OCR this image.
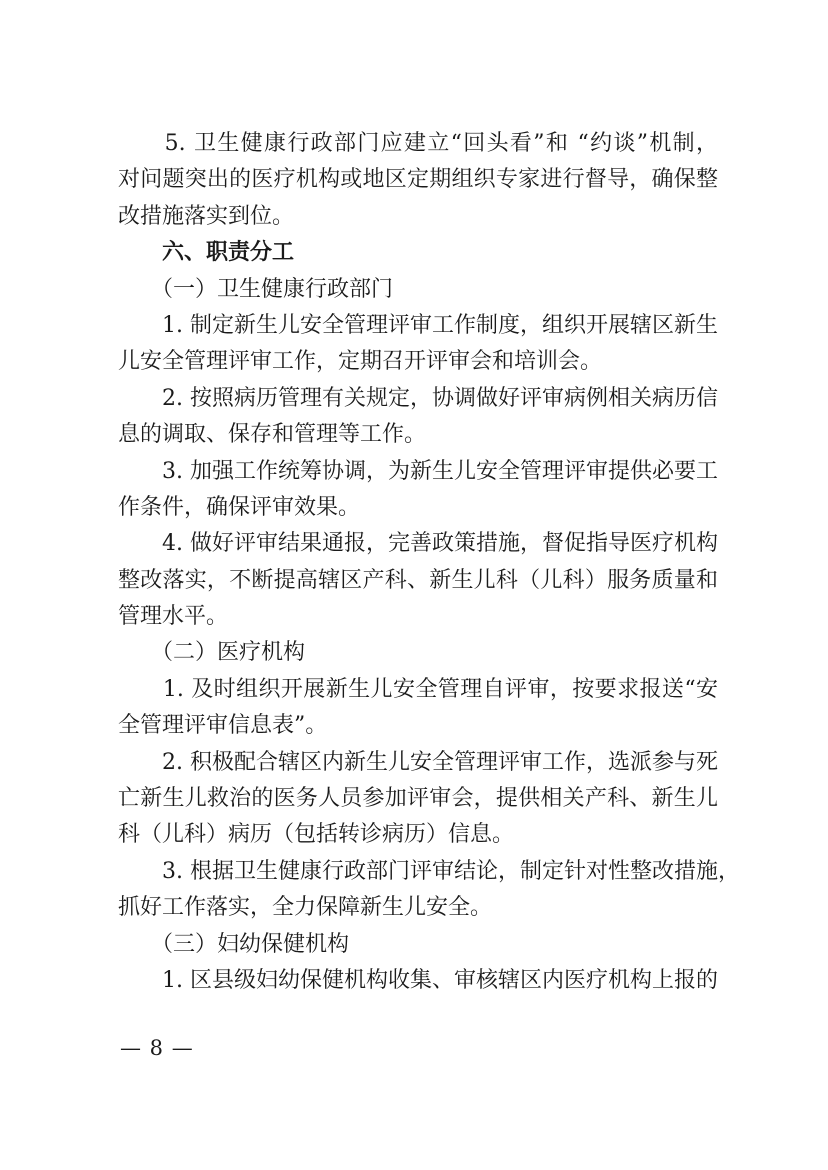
　　5. 卫生健康行政部门应建立“回头看”和 “约谈”机制，
对问题突出的医疗机构或地区定期组织专家进行督导，确保整
改措施落实到位。
　　六、职责分工
　　（一）卫生健康行政部门
　　1. 制定新生儿安全管理评审工作制度，组织开展辖区新生
儿安全管理评审工作，定期召开评审会和培训会。
　　2. 按照病历管理有关规定，协调做好评审病例相关病历信
息的调取、保存和管理等工作。
　　3. 加强工作统筹协调，为新生儿安全管理评审提供必要工
作条件，确保评审效果。
　　4. 做好评审结果通报，完善政策措施，督促指导医疗机构
整改落实，不断提高辖区产科、新生儿科（儿科）服务质量和
管理水平。
　　（二）医疗机构
　　1. 及时组织开展新生儿安全管理自评审，按要求报送“安
全管理评审信息表”。
　　2. 积极配合辖区内新生儿安全管理评审工作，选派参与死
亡新生儿救治的医务人员参加评审会，提供相关产科、新生儿
科（儿科）病历（包括转诊病历）信息。
　　3. 根据卫生健康行政部门评审结论，制定针对性整改措施，
抓好工作落实，全力保障新生儿安全。
　　（三）妇幼保健机构
　　1. 区县级妇幼保健机构收集、审核辖区内医疗机构上报的
— 8 —
